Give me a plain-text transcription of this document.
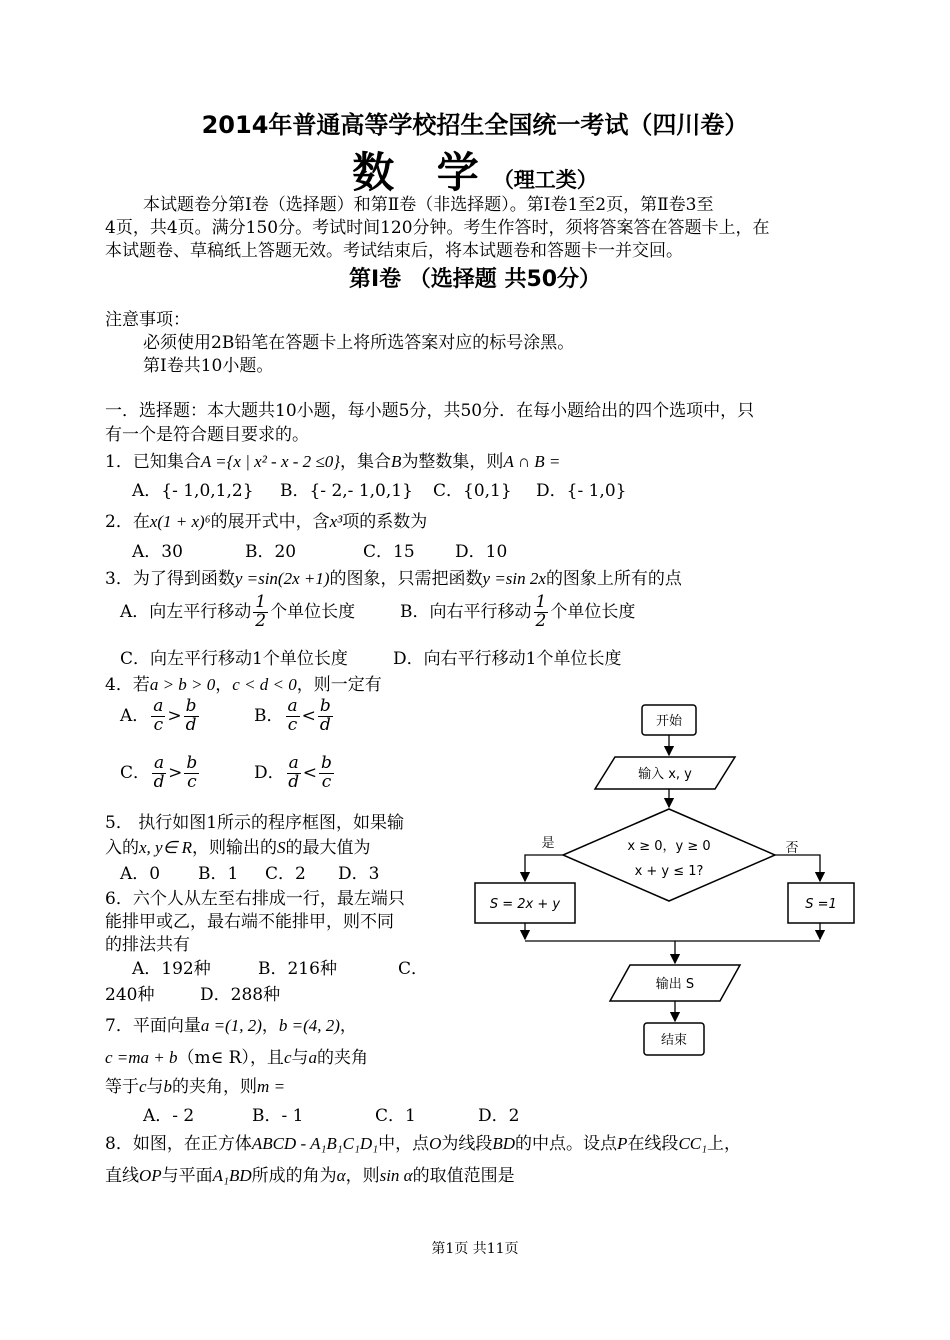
2014年普通高等学校招生全国统一考试（四川卷）
数 学（理工类）
本试题卷分第Ⅰ卷（选择题）和第Ⅱ卷（非选择题）。第Ⅰ卷1至2页，第Ⅱ卷3至
4页，共4页。满分150分。考试时间120分钟。考生作答时，须将答案答在答题卡上，在
本试题卷、草稿纸上答题无效。考试结束后，将本试题卷和答题卡一并交回。
第Ⅰ卷 （选择题 共50分）
注意事项：
必须使用2B铅笔在答题卡上将所选答案对应的标号涂黑。
第Ⅰ卷共10小题。
一．选择题：本大题共10小题，每小题5分，共50分．在每小题给出的四个选项中，只
有一个是符合题目要求的。
1．已知集合A ={x | x² - x - 2 ≤0}，集合B为整数集，则A ∩ B =
A．{- 1,0,1,2} B．{- 2,- 1,0,1} C．{0,1} D．{- 1,0}
2．在x(1 + x)⁶的展开式中，含x³项的系数为
A．30	B．20	C．15 D．10
3．为了得到函数y =sin(2x +1)的图象，只需把函数y =sin 2x的图象上所有的点
A．向左平行移动 $\frac{1}{2}$ 个单位长度	B．向右平行移动 $\frac{1}{2}$ 个单位长度
C．向左平行移动1个单位长度	D．向右平行移动1个单位长度
4．若a > b > 0，c < d < 0，则一定有
A． $\frac{a}{c} > \frac{b}{d}$	B． $\frac{a}{c} < \frac{b}{d}$
C． $\frac{a}{d} > \frac{b}{c}$	D． $\frac{a}{d} < \frac{b}{c}$
5． 执行如图1所示的程序框图，如果输
入的x, y∈ R，则输出的S的最大值为
A．0 B．1 C．2 D．3
6．六个人从左至右排成一行，最左端只
能排甲或乙，最右端不能排甲，则不同
的排法共有
A．192种	B．216种	C．
240种	D．288种
7．平面向量a =(1, 2)，b =(4, 2)，
c =ma + b（m∈ R），且c与a的夹角
等于c与b的夹角，则m =
A．- 2	B．- 1	C．1	D．2
8．如图，在正方体ABCD - A₁B₁C₁D₁中，点O为线段BD的中点。设点P在线段CC₁上，
直线OP与平面A₁BD所成的角为α，则sin α的取值范围是
开始
输入 x, y
x ≥ 0，y ≥ 0
x + y ≤ 1?
是
S = 2x + y
否
S =1
输出 S
结束
第1页 共11页
